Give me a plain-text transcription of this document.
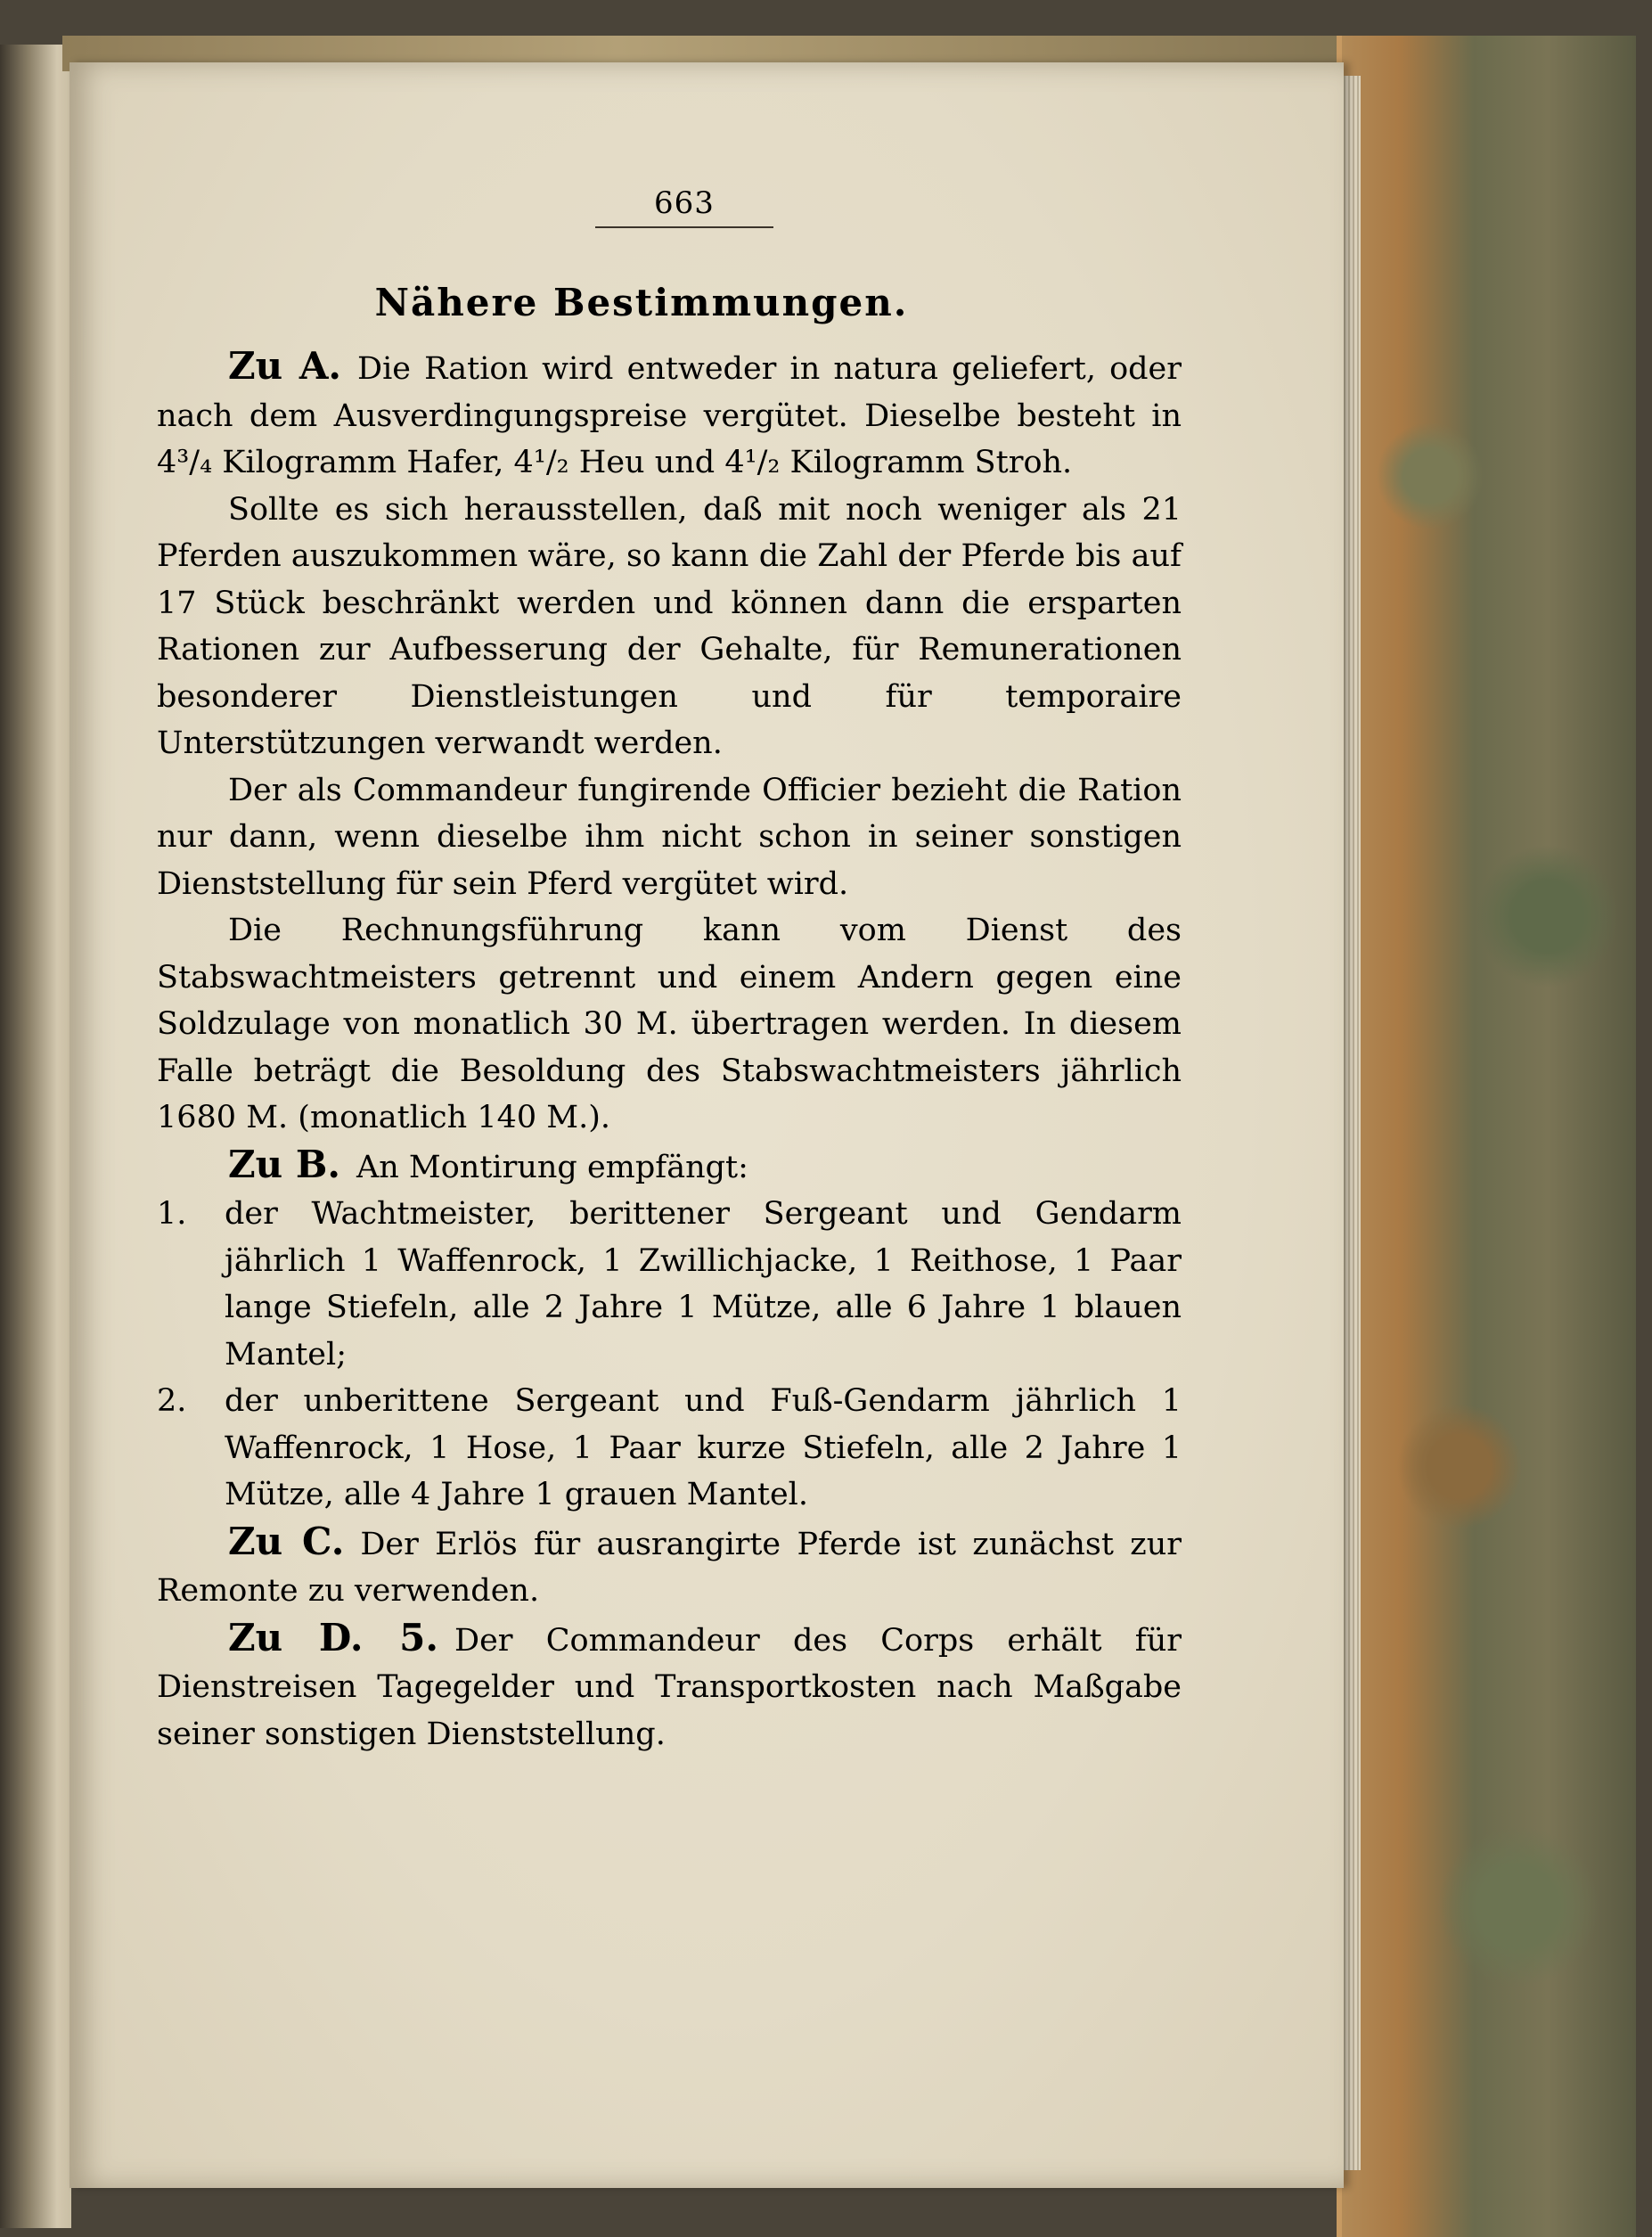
663
Nähere Bestimmungen.

Zu A. Die Ration wird entweder in natura geliefert, oder nach dem Ausverdingungspreise vergütet. Dieselbe besteht in 4³/₄ Kilogramm Hafer, 4¹/₂ Heu und 4¹/₂ Kilogramm Stroh.

Sollte es sich herausstellen, daß mit noch weniger als 21 Pferden auszukommen wäre, so kann die Zahl der Pferde bis auf 17 Stück beschränkt werden und können dann die ersparten Rationen zur Aufbesserung der Gehalte, für Remunerationen besonderer Dienstleistungen und für temporaire Unterstützungen verwandt werden.

Der als Commandeur fungirende Officier bezieht die Ration nur dann, wenn dieselbe ihm nicht schon in seiner sonstigen Dienststellung für sein Pferd vergütet wird.

Die Rechnungsführung kann vom Dienst des Stabswachtmeisters getrennt und einem Andern gegen eine Soldzulage von monatlich 30 M. übertragen werden. In diesem Falle beträgt die Besoldung des Stabswachtmeisters jährlich 1680 M. (monatlich 140 M.).

Zu B. An Montirung empfängt:

1. der Wachtmeister, berittener Sergeant und Gendarm jährlich 1 Waffenrock, 1 Zwillichjacke, 1 Reithose, 1 Paar lange Stiefeln, alle 2 Jahre 1 Mütze, alle 6 Jahre 1 blauen Mantel;
2. der unberittene Sergeant und Fuß-Gendarm jährlich 1 Waffenrock, 1 Hose, 1 Paar kurze Stiefeln, alle 2 Jahre 1 Mütze, alle 4 Jahre 1 grauen Mantel.

Zu C. Der Erlös für ausrangirte Pferde ist zunächst zur Remonte zu verwenden.

Zu D. 5. Der Commandeur des Corps erhält für Dienstreisen Tagegelder und Transportkosten nach Maßgabe seiner sonstigen Dienststellung.
